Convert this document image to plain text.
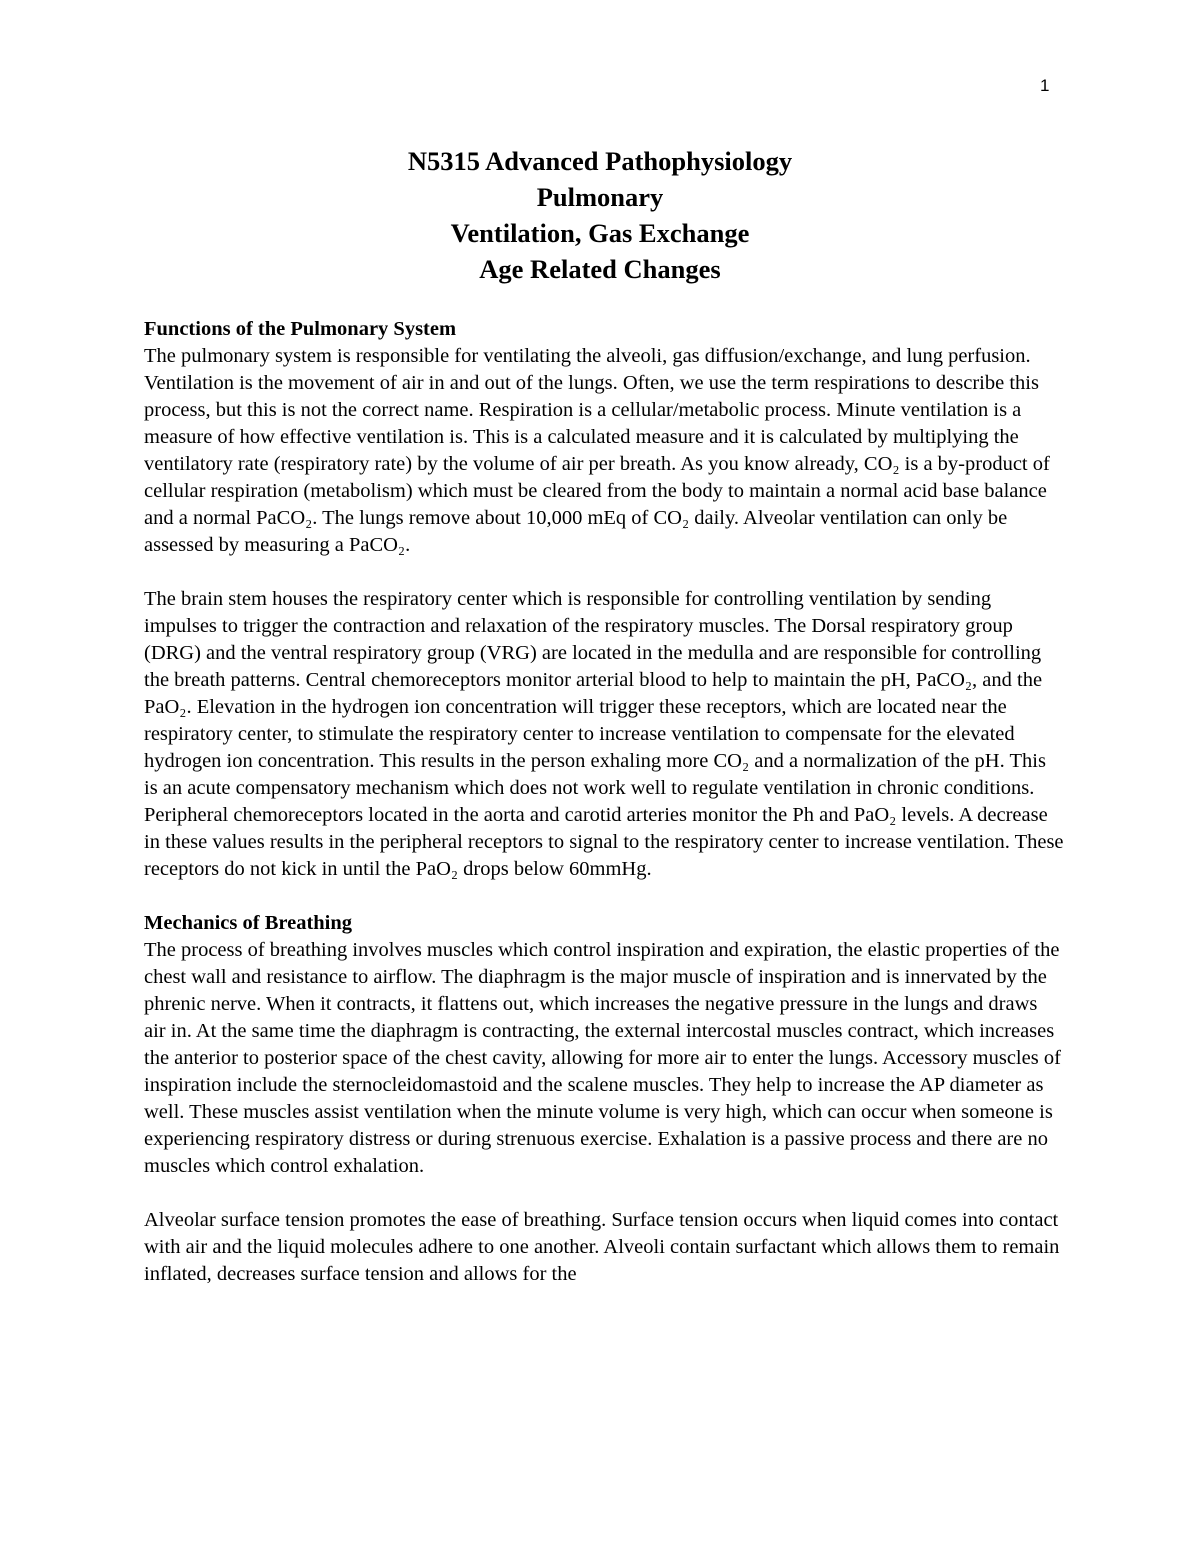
1

N5315 Advanced Pathophysiology

Pulmonary

Ventilation, Gas Exchange

Age Related Changes

Functions of the Pulmonary System

The pulmonary system is responsible for ventilating the alveoli, gas diffusion/exchange, and lung perfusion. Ventilation is the movement of air in and out of the lungs. Often, we use the term respirations to describe this process, but this is not the correct name. Respiration is a cellular/metabolic process. Minute ventilation is a measure of how effective ventilation is. This is a calculated measure and it is calculated by multiplying the ventilatory rate (respiratory rate) by the volume of air per breath. As you know already, CO₂ is a by-product of cellular respiration (metabolism) which must be cleared from the body to maintain a normal acid base balance and a normal PaCO₂. The lungs remove about 10,000 mEq of CO₂ daily. Alveolar ventilation can only be assessed by measuring a PaCO₂.

The brain stem houses the respiratory center which is responsible for controlling ventilation by sending impulses to trigger the contraction and relaxation of the respiratory muscles. The Dorsal respiratory group (DRG) and the ventral respiratory group (VRG) are located in the medulla and are responsible for controlling the breath patterns. Central chemoreceptors monitor arterial blood to help to maintain the pH, PaCO₂, and the PaO₂. Elevation in the hydrogen ion concentration will trigger these receptors, which are located near the respiratory center, to stimulate the respiratory center to increase ventilation to compensate for the elevated hydrogen ion concentration. This results in the person exhaling more CO₂ and a normalization of the pH. This is an acute compensatory mechanism which does not work well to regulate ventilation in chronic conditions. Peripheral chemoreceptors located in the aorta and carotid arteries monitor the Ph and PaO₂ levels. A decrease in these values results in the peripheral receptors to signal to the respiratory center to increase ventilation. These receptors do not kick in until the PaO₂ drops below 60mmHg.

Mechanics of Breathing

The process of breathing involves muscles which control inspiration and expiration, the elastic properties of the chest wall and resistance to airflow. The diaphragm is the major muscle of inspiration and is innervated by the phrenic nerve. When it contracts, it flattens out, which increases the negative pressure in the lungs and draws air in. At the same time the diaphragm is contracting, the external intercostal muscles contract, which increases the anterior to posterior space of the chest cavity, allowing for more air to enter the lungs. Accessory muscles of inspiration include the sternocleidomastoid and the scalene muscles. They help to increase the AP diameter as well. These muscles assist ventilation when the minute volume is very high, which can occur when someone is experiencing respiratory distress or during strenuous exercise. Exhalation is a passive process and there are no muscles which control exhalation.

Alveolar surface tension promotes the ease of breathing. Surface tension occurs when liquid comes into contact with air and the liquid molecules adhere to one another. Alveoli contain surfactant which allows them to remain inflated, decreases surface tension and allows for the
